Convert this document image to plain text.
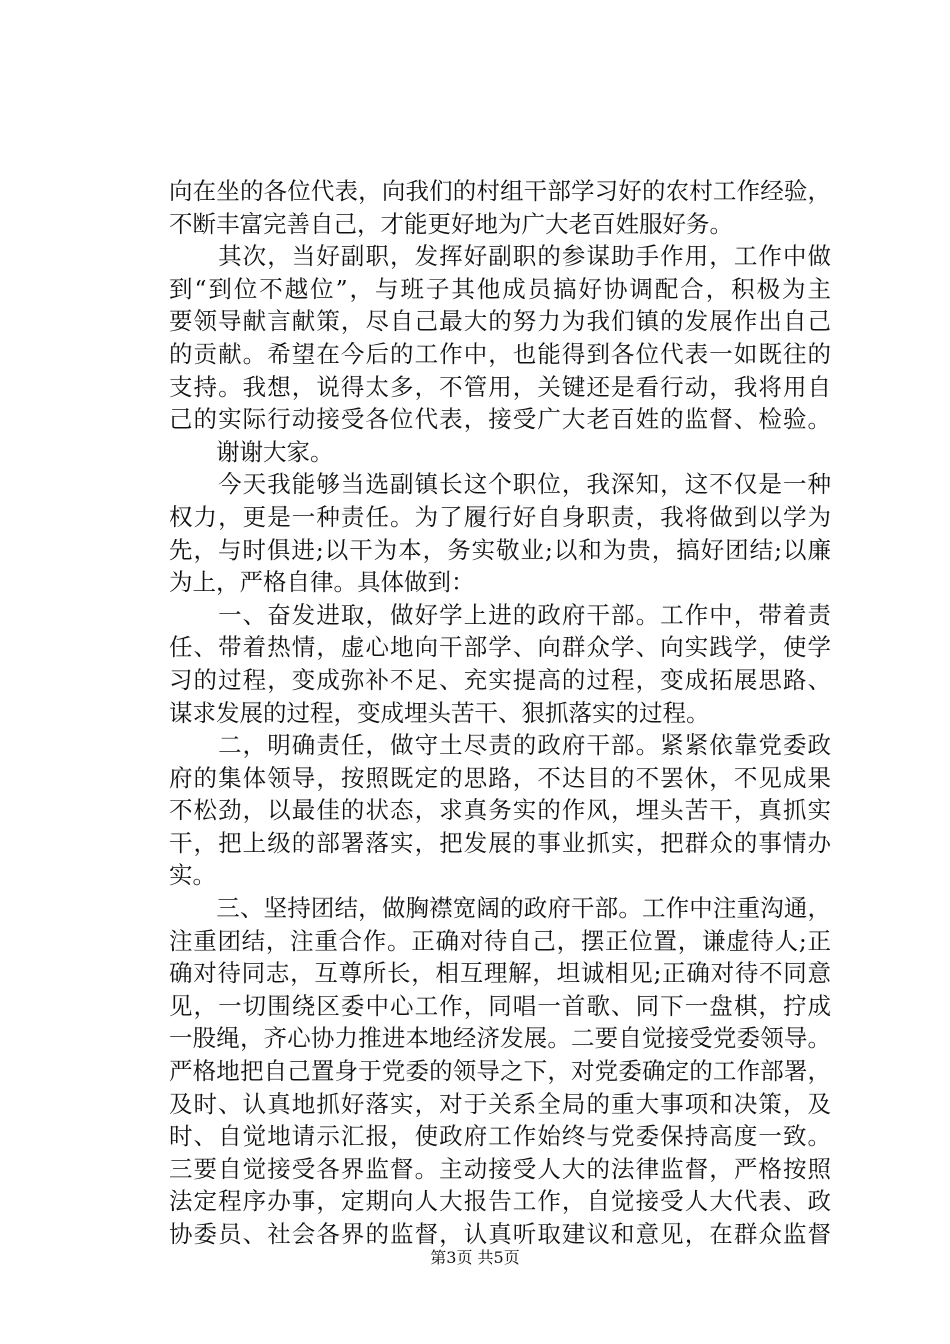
向在坐的各位代表，向我们的村组干部学习好的农村工作经验，
不断丰富完善自己，才能更好地为广大老百姓服好务。
　　其次，当好副职，发挥好副职的参谋助手作用，工作中做
到“到位不越位”，与班子其他成员搞好协调配合，积极为主
要领导献言献策，尽自己最大的努力为我们镇的发展作出自己
的贡献。希望在今后的工作中，也能得到各位代表一如既往的
支持。我想，说得太多，不管用，关键还是看行动，我将用自
己的实际行动接受各位代表，接受广大老百姓的监督、检验。
　　谢谢大家。
　　今天我能够当选副镇长这个职位，我深知，这不仅是一种
权力，更是一种责任。为了履行好自身职责，我将做到以学为
先，与时俱进;以干为本，务实敬业;以和为贵，搞好团结;以廉
为上，严格自律。具体做到：
　　一、奋发进取，做好学上进的政府干部。工作中，带着责
任、带着热情，虚心地向干部学、向群众学、向实践学，使学
习的过程，变成弥补不足、充实提高的过程，变成拓展思路、
谋求发展的过程，变成埋头苦干、狠抓落实的过程。
　　二，明确责任，做守土尽责的政府干部。紧紧依靠党委政
府的集体领导，按照既定的思路，不达目的不罢休，不见成果
不松劲，以最佳的状态，求真务实的作风，埋头苦干，真抓实
干，把上级的部署落实，把发展的事业抓实，把群众的事情办
实。
　　三、坚持团结，做胸襟宽阔的政府干部。工作中注重沟通，
注重团结，注重合作。正确对待自己，摆正位置，谦虚待人;正
确对待同志，互尊所长，相互理解，坦诚相见;正确对待不同意
见，一切围绕区委中心工作，同唱一首歌、同下一盘棋，拧成
一股绳，齐心协力推进本地经济发展。二要自觉接受党委领导。
严格地把自己置身于党委的领导之下，对党委确定的工作部署，
及时、认真地抓好落实，对于关系全局的重大事项和决策，及
时、自觉地请示汇报，使政府工作始终与党委保持高度一致。
三要自觉接受各界监督。主动接受人大的法律监督，严格按照
法定程序办事，定期向人大报告工作，自觉接受人大代表、政
协委员、社会各界的监督，认真听取建议和意见，在群众监督
第3页 共5页
